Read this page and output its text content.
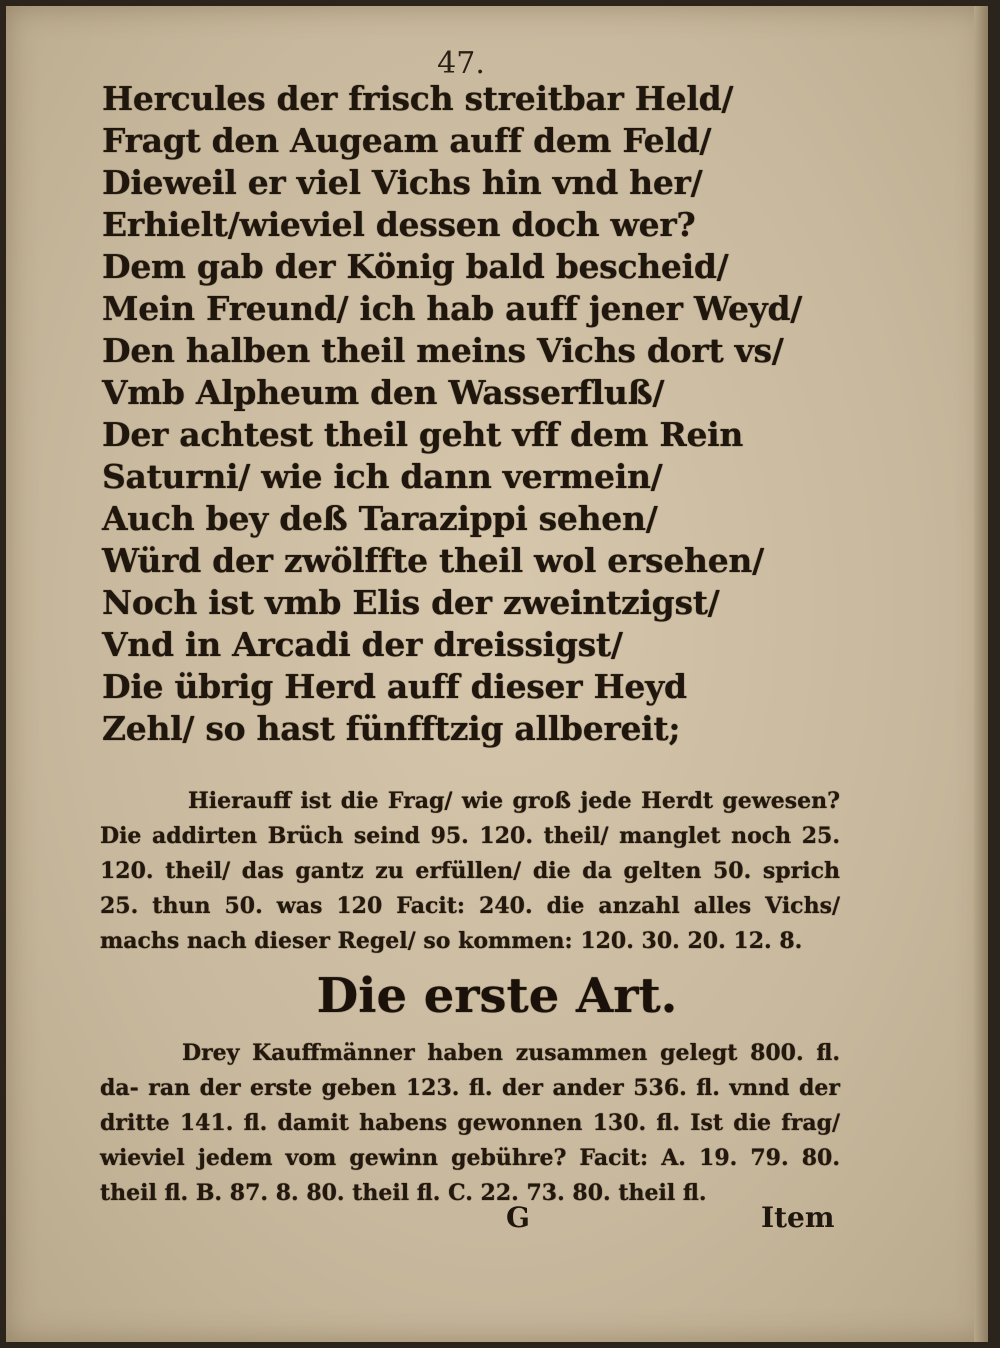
47.
Hercules der frisch streitbar Held/
Fragt den Augeam auff dem Feld/
Dieweil er viel Vichs hin vnd her/
Erhielt/wieviel dessen doch wer?
Dem gab der König bald bescheid/
Mein Freund/ ich hab auff jener Weyd/
Den halben theil meins Vichs dort vs/
Vmb Alpheum den Wasserfluß/
Der achtest theil geht vff dem Rein
Saturni/ wie ich dann vermein/
Auch bey deß Tarazippi sehen/
Würd der zwölffte theil wol ersehen/
Noch ist vmb Elis der zweintzigst/
Vnd in Arcadi der dreissigst/
Die übrig Herd auff dieser Heyd
Zehl/ so hast fünfftzig allbereit;
Hierauff ist die Frag/ wie groß jede Herdt gewesen? Die addirten Brüch seind 95. 120. theil/ manglet noch 25. 120. theil/ das gantz zu erfüllen/ die da gelten 50. sprich 25. thun 50. was 120 Facit: 240. die anzahl alles Vichs/ machs nach dieser Regel/ so kommen: 120. 30. 20. 12. 8.
Die erste Art.
Drey Kauffmänner haben zusammen gelegt 800. fl. da- ran der erste geben 123. fl. der ander 536. fl. vnnd der dritte 141. fl. damit habens gewonnen 130. fl. Ist die frag/ wieviel jedem vom gewinn gebühre? Facit: A. 19. 79. 80. theil fl. B. 87. 8. 80. theil fl. C. 22. 73. 80. theil fl.
G	Item
